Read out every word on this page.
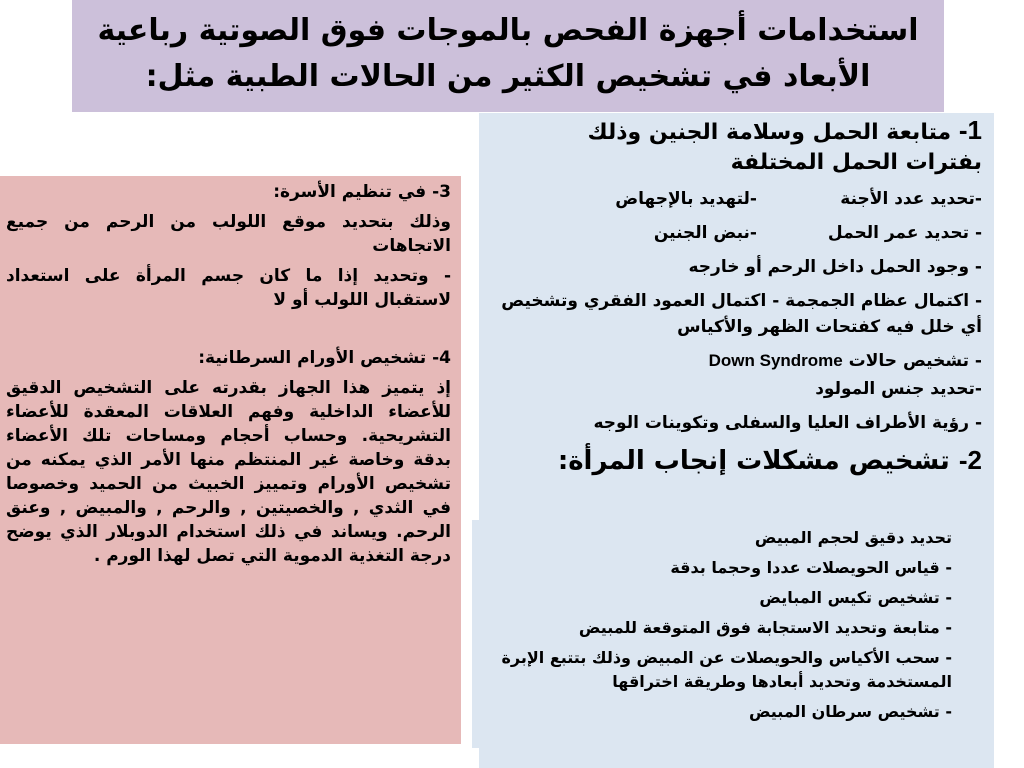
استخدامات أجهزة الفحص بالموجات فوق الصوتية رباعية
الأبعاد في تشخيص الكثير من الحالات الطبية مثل:
1- متابعة الحمل وسلامة الجنين وذلك
بفترات الحمل المختلفة
-تحديد عدد الأجنة
-لتهديد بالإجهاض
- تحديد عمر الحمل
-نبض الجنين
- وجود الحمل داخل الرحم أو خارجه
- اكتمال عظام الجمجمة - اكتمال العمود الفقري وتشخيص أي خلل فيه كفتحات الظهر والأكياس
- تشخيص حالات Down Syndrome
-تحديد جنس المولود
- رؤية الأطراف العليا والسفلى وتكوينات الوجه
2- تشخيص مشكلات إنجاب المرأة:
تحديد دقيق لحجم المبيض
- قياس الحويصلات عددا وحجما بدقة
- تشخيص تكيس المبايض
- متابعة وتحديد الاستجابة فوق المتوقعة للمبيض
- سحب الأكياس والحويصلات عن المبيض وذلك بتتبع الإبرة المستخدمة وتحديد أبعادها وطريقة اختراقها
- تشخيص سرطان المبيض
3- في تنظيم الأسرة:
وذلك بتحديد موقع اللولب من الرحم من جميع الاتجاهات
- وتحديد إذا ما كان جسم المرأة على استعداد لاستقبال اللولب أو لا
4- تشخيص الأورام السرطانية:
إذ يتميز هذا الجهاز بقدرته على التشخيص الدقيق للأعضاء الداخلية وفهم العلاقات المعقدة للأعضاء التشريحية. وحساب أحجام ومساحات تلك الأعضاء بدقة وخاصة غير المنتظم منها الأمر الذي يمكنه من تشخيص الأورام وتمييز الخبيث من الحميد وخصوصا في الثدي , والخصيتين , والرحم , والمبيض , وعنق الرحم. ويساند في ذلك استخدام الدوبلار الذي يوضح درجة التغذية الدموية التي تصل لهذا الورم .
